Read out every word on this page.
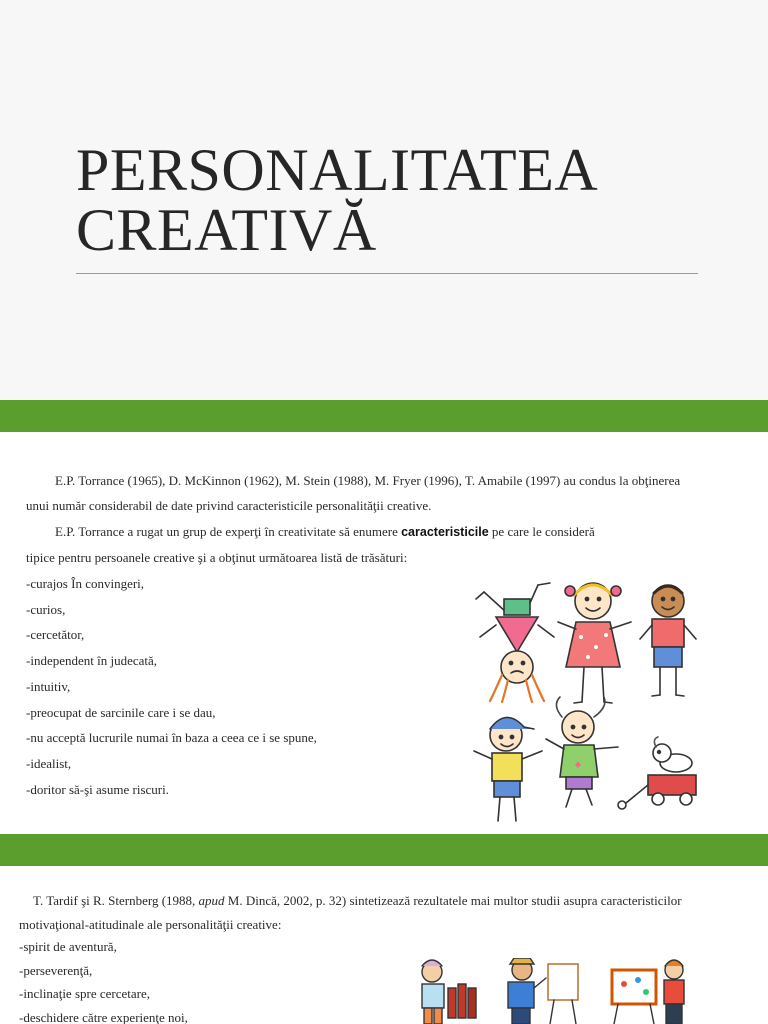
PERSONALITATEA
CREATIVĂ
E.P. Torrance (1965), D. McKinnon (1962), M. Stein (1988), M. Fryer (1996), T. Amabile (1997) au condus la obţinerea
unui număr considerabil de date privind caracteristicile personalităţii creative.
E.P. Torrance a rugat un grup de experţi în creativitate să enumere caracteristicile pe care le consideră
tipice pentru persoanele creative şi a obţinut următoarea listă de trăsături:
-curajos În convingeri,
-curios,
-cercetător,
-independent în judecată,
-intuitiv,
-preocupat de sarcinile care i se dau,
-nu acceptă lucrurile numai în baza a ceea ce i se spune,
-idealist,
-doritor să-şi asume riscuri.
T. Tardif şi R. Sternberg (1988, apud M. Dincă, 2002, p. 32) sintetizează rezultatele mai multor studii asupra caracteristicilor
motivaţional-atitudinale ale personalităţii creative:
-spirit de aventură,
-perseverenţă,
-inclinaţie spre cercetare,
-deschidere către experienţe noi,
